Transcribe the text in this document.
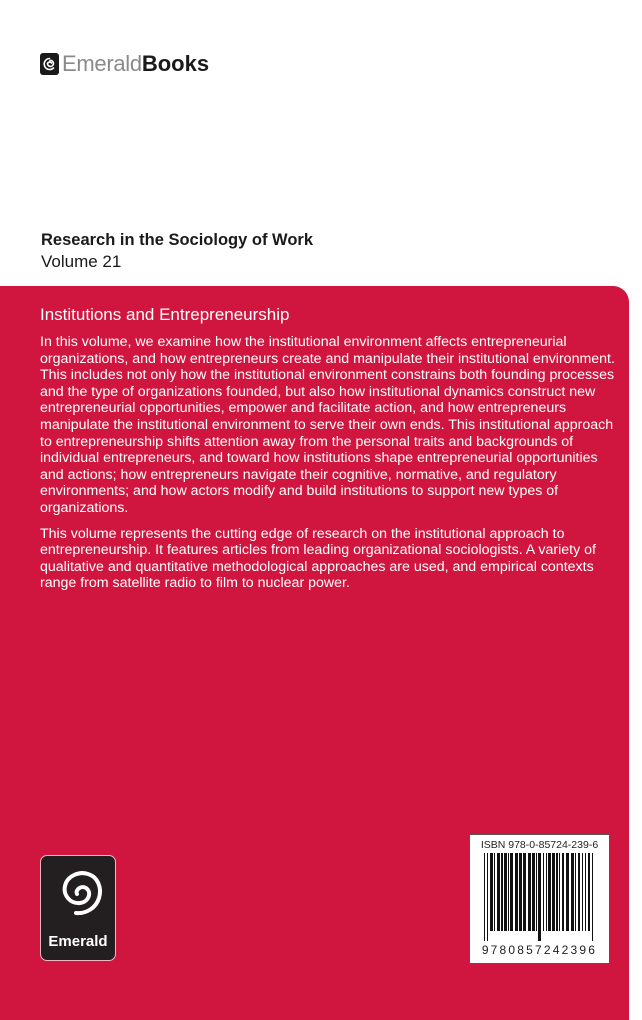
Emerald Books
Research in the Sociology of Work
Volume 21
Institutions and Entrepreneurship

In this volume, we examine how the institutional environment affects entrepreneurial organizations, and how entrepreneurs create and manipulate their institutional environment. This includes not only how the institutional environment constrains both founding processes and the type of organizations founded, but also how institutional dynamics construct new entrepreneurial opportunities, empower and facilitate action, and how entrepreneurs manipulate the institutional environment to serve their own ends. This institutional approach to entrepreneurship shifts attention away from the personal traits and backgrounds of individual entrepreneurs, and toward how institutions shape entrepreneurial opportunities and actions; how entrepreneurs navigate their cognitive, normative, and regulatory environments; and how actors modify and build institutions to support new types of organizations.

This volume represents the cutting edge of research on the institutional approach to entrepreneurship. It features articles from leading organizational sociologists. A variety of qualitative and quantitative methodological approaches are used, and empirical contexts range from satellite radio to film to nuclear power.

Emerald
ISBN 978-0-85724-239-6
9780857242396
